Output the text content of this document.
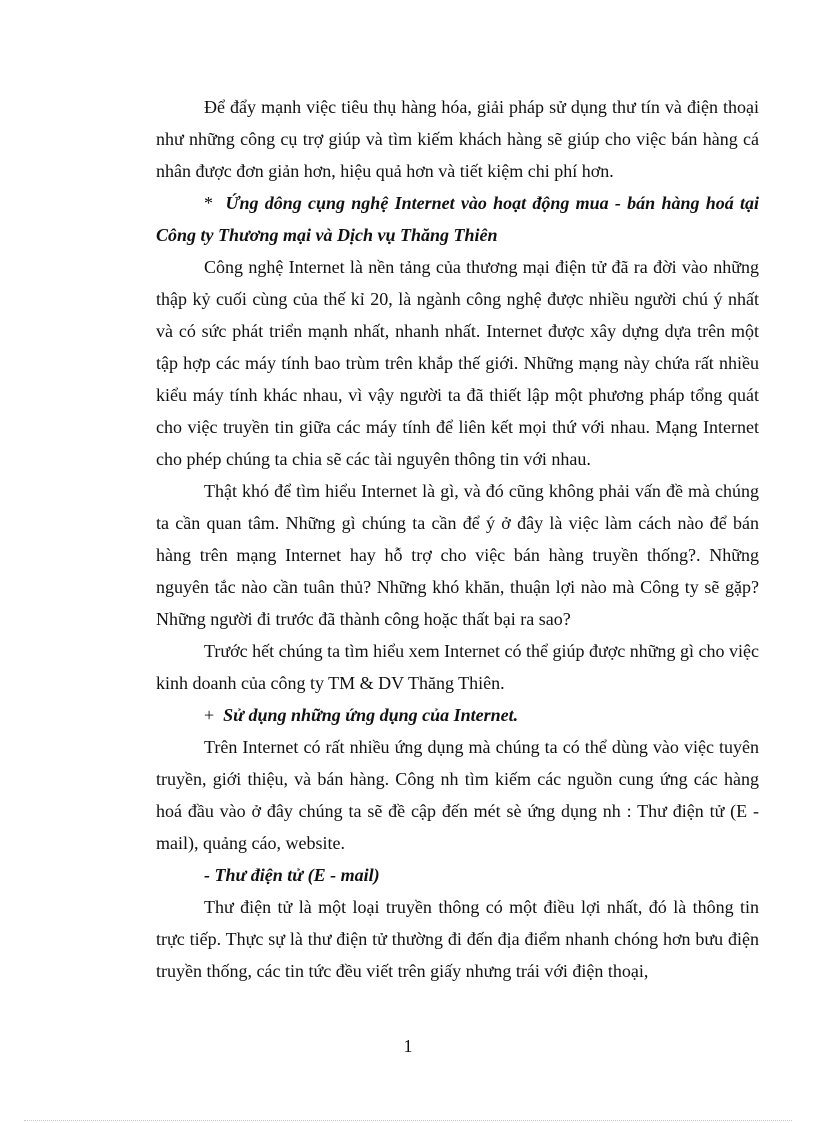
Để đẩy mạnh việc tiêu thụ hàng hóa, giải pháp sử dụng thư tín và điện thoại như những công cụ trợ giúp và tìm kiếm khách hàng sẽ giúp cho việc bán hàng cá nhân được đơn giản hơn, hiệu quả hơn và tiết kiệm chi phí hơn.

* Ứng dông cụng nghệ Internet vào hoạt động mua - bán hàng hoá tại Công ty Thương mại và Dịch vụ Thăng Thiên

Công nghệ Internet là nền tảng của thương mại điện tử đã ra đời vào những thập kỷ cuối cùng của thế kỉ 20, là ngành công nghệ được nhiều người chú ý nhất và có sức phát triển mạnh nhất, nhanh nhất. Internet được xây dựng dựa trên một tập hợp các máy tính bao trùm trên khắp thế giới. Những mạng này chứa rất nhiều kiểu máy tính khác nhau, vì vậy người ta đã thiết lập một phương pháp tổng quát cho việc truyền tin giữa các máy tính để liên kết mọi thứ với nhau. Mạng Internet cho phép chúng ta chia sẽ các tài nguyên thông tin với nhau.

Thật khó để tìm hiểu Internet là gì, và đó cũng không phải vấn đề mà chúng ta cần quan tâm. Những gì chúng ta cần để ý ở đây là việc làm cách nào để bán hàng trên mạng Internet hay hỗ trợ cho việc bán hàng truyền thống?. Những nguyên tắc nào cần tuân thủ? Những khó khăn, thuận lợi nào mà Công ty sẽ gặp? Những người đi trước đã thành công hoặc thất bại ra sao?

Trước hết chúng ta tìm hiểu xem Internet có thể giúp được những gì cho việc kinh doanh của công ty TM & DV Thăng Thiên.

+ Sử dụng những ứng dụng của Internet.

Trên Internet có rất nhiều ứng dụng mà chúng ta có thể dùng vào việc tuyên truyền, giới thiệu, và bán hàng. Công nh tìm kiếm các nguồn cung ứng các hàng hoá đầu vào ở đây chúng ta sẽ đề cập đến mét sè ứng dụng nh : Thư điện tử (E - mail), quảng cáo, website.

- Thư điện tử (E - mail)

Thư điện tử là một loại truyền thông có một điều lợi nhất, đó là thông tin trực tiếp. Thực sự là thư điện tử thường đi đến địa điểm nhanh chóng hơn bưu điện truyền thống, các tin tức đều viết trên giấy nhưng trái với điện thoại,

1
